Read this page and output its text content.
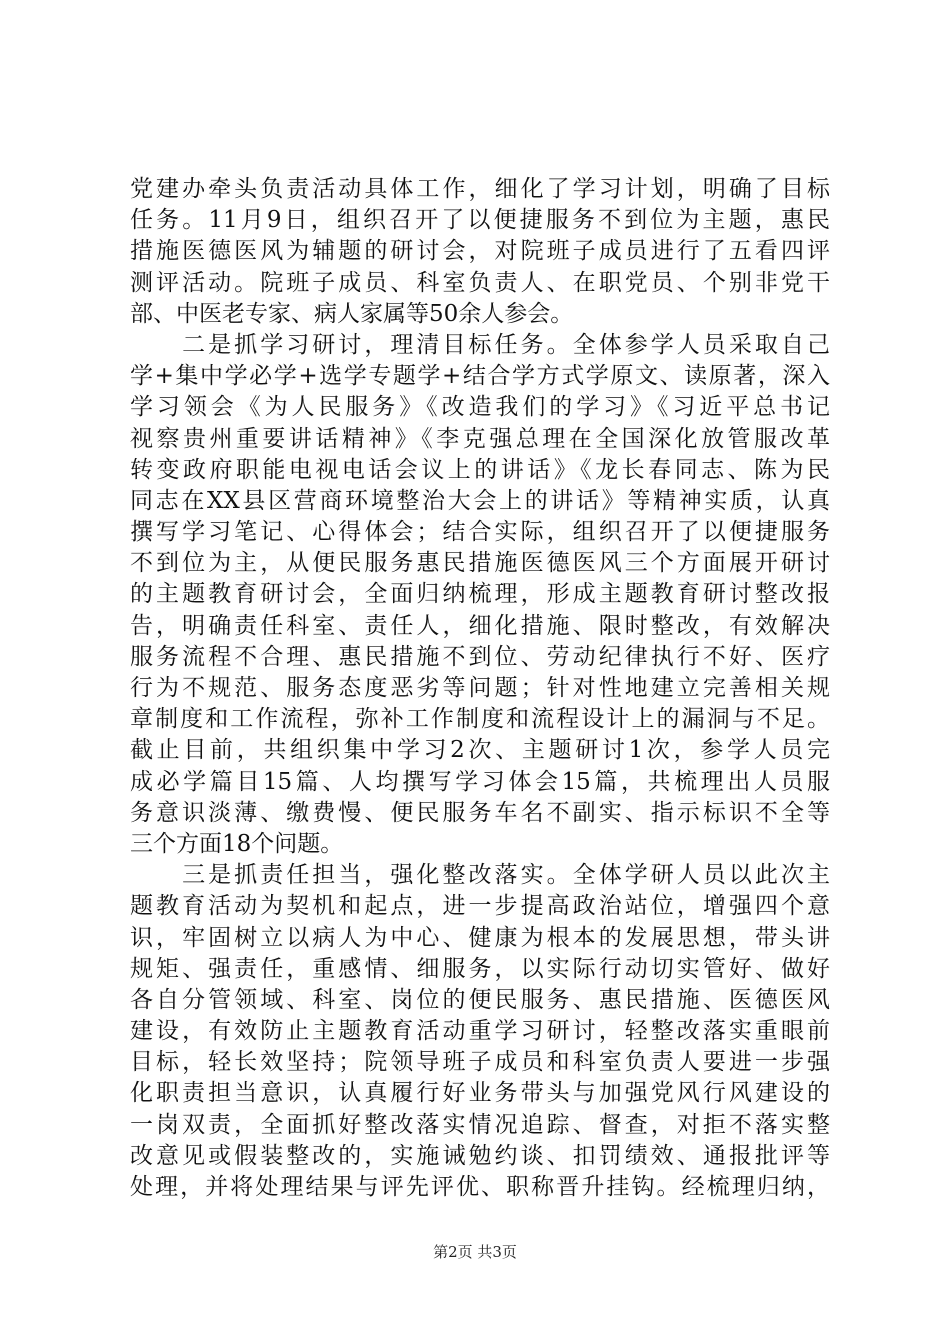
党建办牵头负责活动具体工作，细化了学习计划，明确了目标
任务。11月9日，组织召开了以便捷服务不到位为主题，惠民
措施医德医风为辅题的研讨会，对院班子成员进行了五看四评
测评活动。院班子成员、科室负责人、在职党员、个别非党干
部、中医老专家、病人家属等50余人参会。
　　二是抓学习研讨，理清目标任务。全体参学人员采取自己
学+集中学必学+选学专题学+结合学方式学原文、读原著，深入
学习领会《为人民服务》《改造我们的学习》《习近平总书记
视察贵州重要讲话精神》《李克强总理在全国深化放管服改革
转变政府职能电视电话会议上的讲话》《龙长春同志、陈为民
同志在XX县区营商环境整治大会上的讲话》等精神实质，认真
撰写学习笔记、心得体会；结合实际，组织召开了以便捷服务
不到位为主，从便民服务惠民措施医德医风三个方面展开研讨
的主题教育研讨会，全面归纳梳理，形成主题教育研讨整改报
告，明确责任科室、责任人，细化措施、限时整改，有效解决
服务流程不合理、惠民措施不到位、劳动纪律执行不好、医疗
行为不规范、服务态度恶劣等问题；针对性地建立完善相关规
章制度和工作流程，弥补工作制度和流程设计上的漏洞与不足。
截止目前，共组织集中学习2次、主题研讨1次，参学人员完
成必学篇目15篇、人均撰写学习体会15篇，共梳理出人员服
务意识淡薄、缴费慢、便民服务车名不副实、指示标识不全等
三个方面18个问题。
　　三是抓责任担当，强化整改落实。全体学研人员以此次主
题教育活动为契机和起点，进一步提高政治站位，增强四个意
识，牢固树立以病人为中心、健康为根本的发展思想，带头讲
规矩、强责任，重感情、细服务，以实际行动切实管好、做好
各自分管领域、科室、岗位的便民服务、惠民措施、医德医风
建设，有效防止主题教育活动重学习研讨，轻整改落实重眼前
目标，轻长效坚持；院领导班子成员和科室负责人要进一步强
化职责担当意识，认真履行好业务带头与加强党风行风建设的
一岗双责，全面抓好整改落实情况追踪、督查，对拒不落实整
改意见或假装整改的，实施诫勉约谈、扣罚绩效、通报批评等
处理，并将处理结果与评先评优、职称晋升挂钩。经梳理归纳，
第2页 共3页
